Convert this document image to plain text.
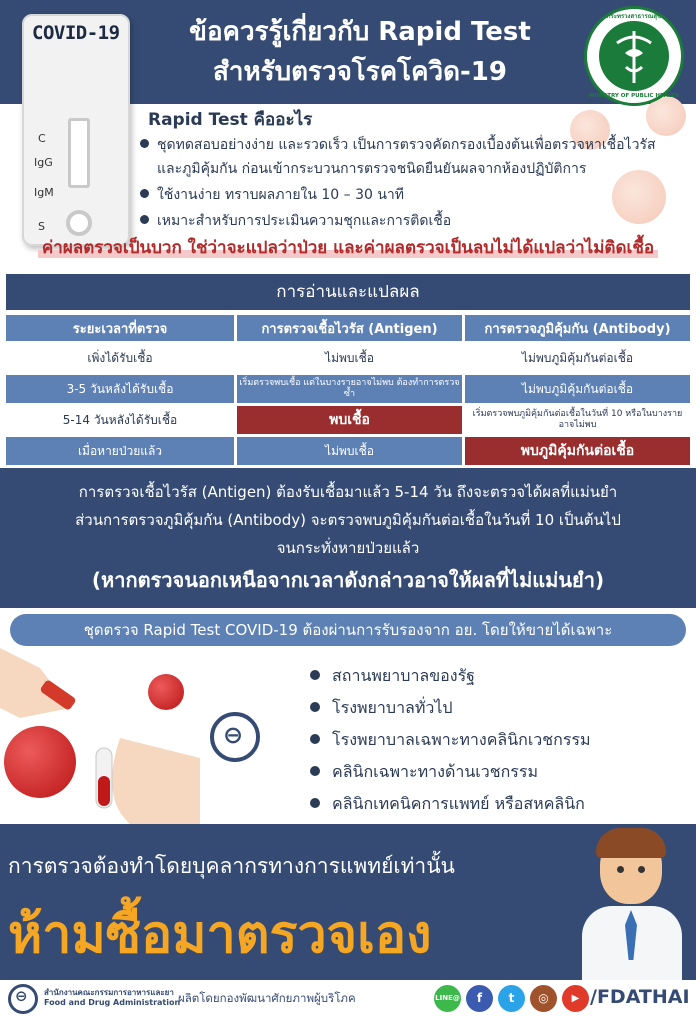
ข้อควรรู้เกี่ยวกับ Rapid Test
สำหรับตรวจโรคโควิด-19
COVID-19
C
IgG
IgM
S
กระทรวงสาธารณสุข
MINISTRY OF PUBLIC HEALTH
Rapid Test คืออะไร
ชุดทดสอบอย่างง่าย และรวดเร็ว เป็นการตรวจคัดกรองเบื้องต้นเพื่อตรวจหาเชื้อไวรัส
และภูมิคุ้มกัน ก่อนเข้ากระบวนการตรวจชนิดยืนยันผลจากห้องปฏิบัติการ
ใช้งานง่าย ทราบผลภายใน 10 – 30 นาที
เหมาะสำหรับการประเมินความชุกและการติดเชื้อ
ค่าผลตรวจเป็นบวก ใช่ว่าจะแปลว่าป่วย และค่าผลตรวจเป็นลบไม่ได้แปลว่าไม่ติดเชื้อ
การอ่านและแปลผล
ระยะเวลาที่ตรวจ	การตรวจเชื้อไวรัส (Antigen)	การตรวจภูมิคุ้มกัน (Antibody)
เพิ่งได้รับเชื้อ	ไม่พบเชื้อ	ไม่พบภูมิคุ้มกันต่อเชื้อ
3-5 วันหลังได้รับเชื้อ	เริ่มตรวจพบเชื้อ แต่ในบางรายอาจไม่พบ ต้องทำการตรวจซ้ำ	ไม่พบภูมิคุ้มกันต่อเชื้อ
5-14 วันหลังได้รับเชื้อ	พบเชื้อ	เริ่มตรวจพบภูมิคุ้มกันต่อเชื้อในวันที่ 10 หรือในบางรายอาจไม่พบ
เมื่อหายป่วยแล้ว	ไม่พบเชื้อ	พบภูมิคุ้มกันต่อเชื้อ
การตรวจเชื้อไวรัส (Antigen) ต้องรับเชื้อมาแล้ว 5-14 วัน ถึงจะตรวจได้ผลที่แม่นยำ
ส่วนการตรวจภูมิคุ้มกัน (Antibody) จะตรวจพบภูมิคุ้มกันต่อเชื้อในวันที่ 10 เป็นต้นไป
จนกระทั่งหายป่วยแล้ว
(หากตรวจนอกเหนือจากเวลาดังกล่าวอาจให้ผลที่ไม่แม่นยำ)
ชุดตรวจ Rapid Test COVID-19 ต้องผ่านการรับรองจาก อย. โดยให้ขายได้เฉพาะ
⊖
สถานพยาบาลของรัฐ
โรงพยาบาลทั่วไป
โรงพยาบาลเฉพาะทางคลินิกเวชกรรม
คลินิกเฉพาะทางด้านเวชกรรม
คลินิกเทคนิคการแพทย์ หรือสหคลินิก
การตรวจต้องทำโดยบุคลากรทางการแพทย์เท่านั้น
ห้ามซื้อมาตรวจเอง
⊖ สำนักงานคณะกรรมการอาหารและยา
Food and Drug Administration
ผลิตโดยกองพัฒนาศักยภาพผู้บริโภค	LINE@	f	t	◎	▶ /FDATHAI
